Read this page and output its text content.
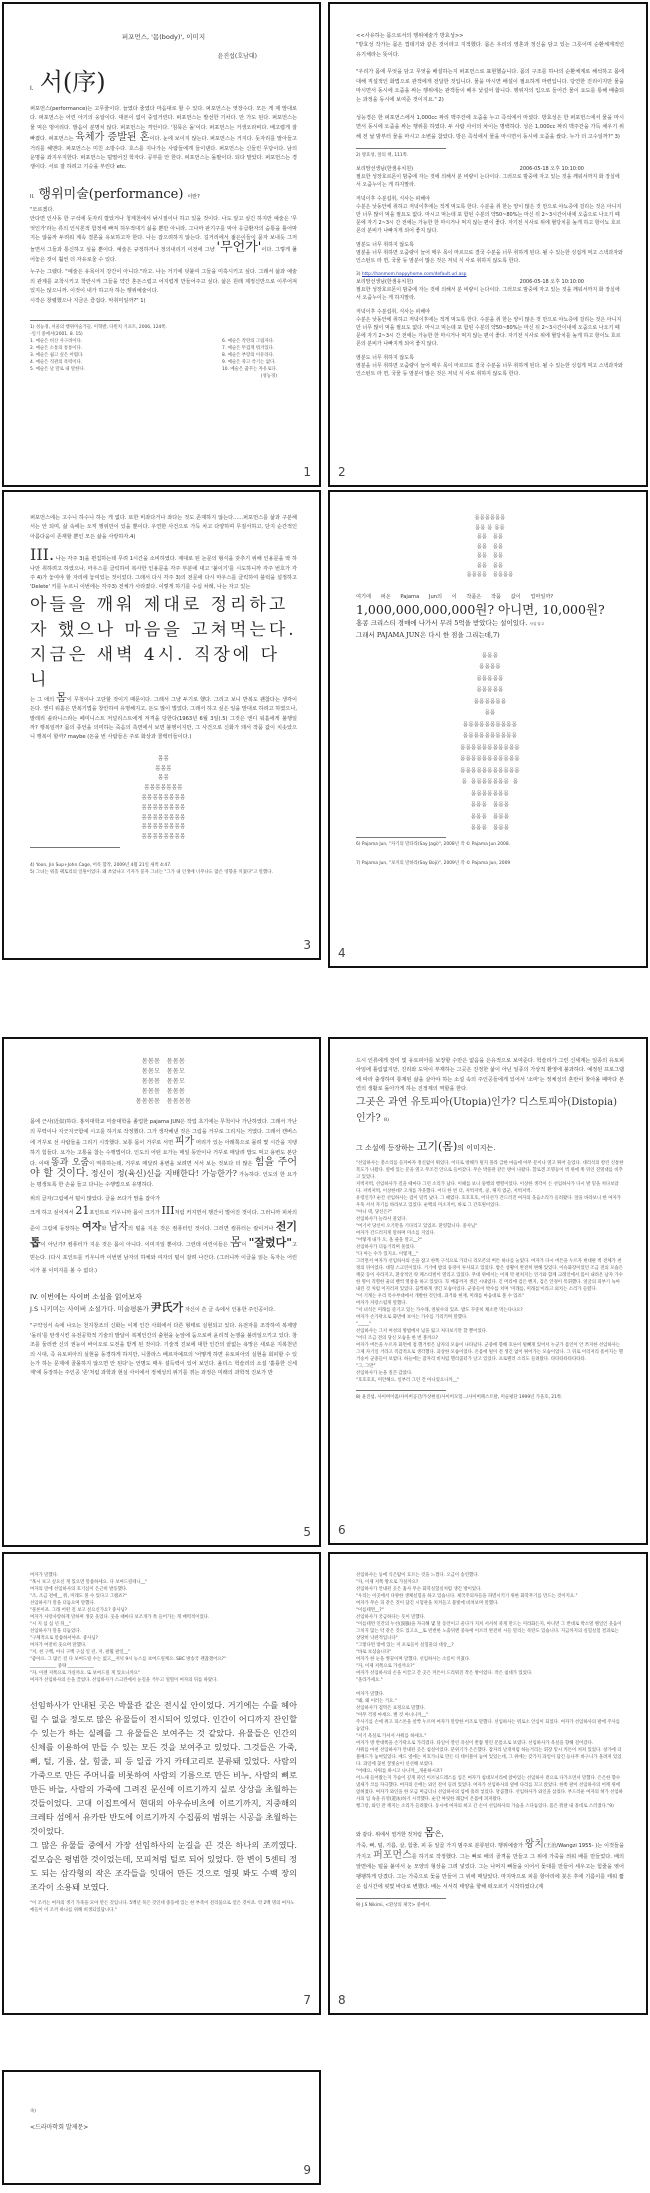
퍼포먼스, '몸(body)', 이미지
윤진섭(호남대)
I. 서(序)

퍼포먼스(performance)는 고무줄이다. 늘였다 줄였다 마음대로 할 수 있다. 퍼포먼스는 엿장수다. 모든 게 제 맘대로다. 퍼포먼스는 어린 아기의 옹알이다. 대본이 없이 중얼거린다. 퍼포먼스는 발선한 기차다. 안 가도 된다. 퍼포먼스는 물 먹은 벙어리다. 발음이 분명치 않다. 퍼포먼스는 격언이다. '침묵은 돌'이다. 퍼포먼스는 거생오라비다. 배고렵게 잘 빠졌다. 퍼포먼스는 육체가 증발된 혼이다. 눈에 보이지 않는다. 퍼포먼스는 거지다. 돗자리를 말아들고 거리를 헤맨다. 퍼포먼스는 미친 소방수다. 호스를 지나가는 사람들에게 들이댄다. 퍼포먼스는 신들린 무당이다. 남의 운명을 좌지우지한다. 퍼포먼스는 덜떨어진 학자다. 공부를 안 한다. 퍼포먼스는 돌팔이다. 되다 말았다. 퍼포먼스는 경쟁이다. 서로 잘 하려고 기승을 부린다 etc.

II. 행위미술(performance) 이란?

"모르겠다.

안다면 인사동 한 구석에 돗자리 깔았거나 청계천에서 낚시질이나 하고 있을 것이다. 나도 알고 싶긴 하지만 예술은 '무엇인가'라는 류의 인식론적 함정에 빠져 허우적대기 싫을 뿐만 아니라, 그나마 판기구를 막아 응급환자의 숨통을 틀어막지는 않을까 두려워 계속 결론을 유보하고자 한다. 나는 잡으려하지 않는다. 길거리에서 젊은이들이 묻자 보내듯 그저 놀면서 그들과 통신하고 싶을 뿐이다. 예술은 규정하거나 정의내리기 이전에 그냥 '무언가'이다. 그렇게 풀어놓은 것이 훨씬 더 자유로울 수 있다.

누구는 그랬다. "예술은 유목이지 강간이 아니다."라고. 나는 거기에 덧붙여 그들을 미혹시키고 싶다. 그래서 삶과 예술의 관계를 교착시키고 착란시켜 그들을 약간 혼돈스럽고 어지럽게 만들어주고 싶다. 삶은 원래 제정신만으로 이루어져 있지는 않으니까. 이것이 내가 하고자 하는 행위예술이다.

시작은 창렬했으나 지금은 즐겁다. 악취미일까?" 1)

1) 성능경, 서울의 행위미술가들, 이혁발, 다빈치 기프트, 2006, 124쪽.

-일기 중에서(2001. 8. 15)

1. 예술은 비산 사구려이다.

2. 예술은 소통의 통통이다.

3. 예술은 쉽고 싶은 어렵다.

4. 예술은 직관의 폭력이다.

5. 예술은 날 말로 내 말한다.

6. 예술은 작란의 그림자다.

7. 예술은 뚜겁게 뭐겨있다.

8. 예술은 부랑의 이유라다.

9. 예술은 죽고 삭기는 없다.

10. 예술은 꿈꾸는 자유로다.

(성능경)

1

<<사유하는 몸으로서의 행위예술가 방효성>>

"방효성 작가는 몸은 껍데기와 같은 것이라고 지적했다. 몸은 우리의 영혼과 정신을 담고 있는 그릇이며 순환체계적인 유기체라는 뜻이다.

"우리가 몸에 무엇을 담고 무엇을 배설하는지 퍼포먼스로 표현했습니다. 몸의 구조를 하나의 순환체계로 해석하고 몸에 대해 직설적인 화법으로 관객에게 전달한 것입니다. 물을 마시면 배설이 필요하게 마련입니다. 당연한 진리이지만 물을 마시면서 동시에 오줌을 싸는 행위에는 관객들이 배우 낯설어 합니다. 행위자의 입으로 들어간 물이 요도를 통해 배출되는 과정을 동시에 보여준 것이지요." 2)

성능경은 한 퍼포먼스에서 1,000cc 짜리 맥주잔에 오줌을 누고 즉석에서 마셨다. 방효성은 한 퍼포먼스에서 물을 마시면서 동시에 오줌을 싸는 행위를 하였다. 두 사람 사이의 차이는 명백하다. 성은 1,000cc 짜리 맥주잔을 가득 채우기 위해 전 날 밤부터 물을 마시고 소변을 참았다. 방은 즉석에서 물을 마시면서 동시에 오줌을 쌌다. 누가 더 고수일까?" 3)

2) 방효성, 앞의 책, 111쪽.

보리맘선생님(한샘유치원)	2006-05-18 오후 10:10:00

필요한 성장호르몬이 밤중에 자는 것에 의해서 분 비량이 는다이다. 그러므로 밤중에 자고 있는 것을 깨워서까지 화 장실에서 오줌누이는 게 하지말라.

저녁이후 수분섭취, 식사는 피해야

수분은 낮동안에 취하고 저녁이후에는 적게 먹도록 한다. 수분을 취 한는 양이 많은 것 만으로 야뇨증에 걸리는 것은 아니지만 너무 많이 먹을 필요도 없다. 마시고 먹는데 포 함된 수분의 약50~80%는 마신 뒤 2~3시간이내에 오줌으로 나오기 때문에 자기 2~3시 간 전에는 가능한 한 마시거나 먹지 않는 편이 좋다. 자기전 식사로 위에 혈당치를 높게 하고 항이뇨 호르몬의 분비가 나빠지게 되어 좋지 않다.

염분도 너무 취하지 않도록

염분을 너무 취하면 오줌량이 늘어 매우 목이 마르므로 결국 수분을 너무 취하게 된다. 될 수 있는한 싱겁게 먹고 스낵과자와 인스턴트 라 면, 국물 등 염분이 많은 것은 저녁 식 사로 취하지 않도록 한다.

3) http://hanmom.happyhome.com/default.url.asp

보리맘선생님(한샘유치원)	2006-05-18 오후 10:10:00

필요한 성장호르몬이 밤중에 자는 것에 의해서 분 비량이 는다이다. 그러므로 밤중에 자고 있는 것을 깨워서까지 화 장실에서 오줌누이는 게 하지말라.

저녁이후 수분섭취, 식사는 피해야

수분은 낮동안에 취하고 저녁이후에는 적게 먹도록 한다. 수분을 취 한는 양이 많은 것 만으로 야뇨증에 걸리는 것은 아니지만 너무 많이 먹을 필요도 없다. 마시고 먹는데 포 함된 수분의 약50~80%는 마신 뒤 2~3시간이내에 오줌으로 나오기 때문에 자기 2~3시 간 전에는 가능한 한 마시거나 먹지 않는 편이 좋다. 자기전 식사로 위에 혈당치를 높게 하고 항이뇨 호르몬의 분비가 나빠지게 되어 좋지 않다.

염분도 너무 취하지 않도록

염분을 너무 취하면 오줌량이 늘어 매우 목이 마르므로 결국 수분을 너무 취하게 된다. 될 수 있는한 싱겁게 먹고 스낵과자와 인스턴트 라 면, 국물 등 염분이 많은 것은 저녁 식 사로 취하지 않도록 한다.

2

퍼포먼스에는 고수니 하수니 하는 게 없다. 또한 비좌다거나 좌다는 것도 존재하지 않는다......퍼포먼스를 삶과 구분해서는 안 되며, 삶 속에는 오직 행위만이 있을 뿐이다. 우연한 사건으로 가득 차고 다양하며 무질서하고, 단지 순간적인 아름다움이 존재할 뿐인 모든 삶을 사랑하자.4)

III. 나는 각주 3)을 편집하는데 무려 1시간을 소비하였다. 제대로 된 논문의 형식을 갖추기 위해 인용문을 딱 하나만 취하려고 하였으나, 마우스를 클릭하여 복사한 인용문을 각주 부분에 대고 '붙이기'를 시도하니까 각주 번호가 각주 4)가 놓여야 할 자리에 놓여있는 것이었다. 그래서 다시 각주 3)의 전문에 다시 마우스를 클릭하여 블럭을 설정하고 'Delete' 키를 누르니 이번에는 각주3) 전체가 사라졌다. 이렇게 하기를 수십 차례, 나는 자고 있는

아들을 깨워 제대로 정리하고자 했으나 마음을 고쳐먹는다. 지금은 새벽 4시. 직장에 다니

는 그 애의 몸이 무척이나 고단할 것이기 때문이다. 그래서 그냥 두기로 했다. 그리고 보니 반복도 괜찮다는 생각이 든다. 앤디 워홀은 반복기법을 창안하여 유명해지고, 돈도 많이 벌었다. 그래서 하고 싶은 일을 맘대로 하려고 하였으나, 발레리 솔라니스라는 페미니스트 저널리스트에게 저격을 당한다(1963년 6월 3일).5) 그것은 앤디 워홀에게 불행일까? 행복일까? 몸의 종언을 의미하는 죽음의 측면에서 보면 불행이지만, 그 사건으로 신화가 돼서 작품 값이 치솟았으니 행복이 할까? maybe (돈을 번 사람들은 주로 화상과 콜렉터들이다.)

몸몸
몸몸몸
몸몸
몸몸몸몸몸몸몸
몸몸몸몸몸몸몸몸
몸몸몸몸몸몸몸몸
몸몸몸몸몸몸몸몸
몸몸몸몸몸몸몸몸
몸몸몸몸몸몸몸몸

4) Yoon, Jin Sup+John Cage, 어록 합작, 2009년 4월 21일 새벽 4:47.

5) 그녀는 워홀 팩토리의 일원이었다. 왜 쏘았냐고 기자가 묻자 그녀는 "그가 내 인생에 너무나도 많은 영향을 끼쳤다"고 말했다.

3
몸몸몸몸몸몸
몸몸 몸 몸몸
몸몸   몸몸
몸몸   몸몸
몸몸   몸몸
몸몸   몸몸
몸몸몸몸   몸몸몸몸

여기에 퍼온 Pajama Jun의 이 작품은 작품 값이 얼마일까?

1,000,000,000,000원? 아니면, 10,000원?

홍콩 크리스티 경매에 나가서 무려 5억을 받았다는 설이있다. 사실 알고

그래서 PAJAMA JUN은 다시 한 점을 그리는데,7)

몸몸몸
몸몸몸몸
몸몸몸몸몸
몸몸몸몸몸
몸몸몸몸몸몸
몸몸
몸몸몸몸몸몸몸몸몸몸
몸몸몸몸몸몸몸몸몸몸
몸몸몸몸몸몸몸몸몸몸몸
몸몸몸몸몸몸몸몸몸몸몸
몸몸몸몸몸몸몸몸몸몸몸
몸  몸몸몸몸몸몸몸  몸
몸몸몸몸몸몸몸
몸몸몸   몸몸몸
몸몸몸   몸몸몸
몸몸몸   몸몸몸

6) Pajama Jun, "자기의 말타라(Say Jagi)", 2008년 작 © Pajama Jun 2008.

7) Pajama Jun, "보지의 말하라(Say Boji)", 2009년 작 © Pajama Jun, 2009

4
몸몸몸   몸몸몸
몸몸모   몸몸모
몸몸몸   몸몸모
몸몸몸   몸몸몸
몸몸몸몸   몸몸몸몸

몸에 근사(近似)하다. 홍익대학교 미술대학을 졸업한 pajama JUN은 작업 초기에는 무척이나 가난하였다. 그래서 가난의 무력이나 지긋지긋함에 시고를 하기로 작정했다. 그가 생각해낸 것은 그림을 거꾸로 그리지는 거였다. 그래서 캔버스에 거꾸로 선 사람들을 그리기 시작했다. 보통 몸이 거꾸로 서면 피가 머리가 있는 아래쪽으로 몰려 몇 시간을 지탱하기 힘들다. 요가는 고통을 참는 수행법이다. 인도의 어떤 요가는 매일 동안이나 거꾸로 매달려 밥도 먹고 용변도 본단다. 이때 똥과 오줌이 역류하는데, 거꾸로 매달려 용변을 보려면 서서 보는 것보다 더 많은 힘을 주어야 할 것이다. 정신이 정(육신)신을 지배한다! 가능한가? 가능하다. 인도의 한 요가는 평생토록 한 손을 들고 다니는 수행법으로 유명하다.

위의 글자/그림에서 털이 많았다. 글을 쓰다가 맘을 잡아가

크게 하고 싶어져서 21포인트로 키우니까 몸이 크기가 III처럼 커지면서 행간이 벌어진 것이다. 그러니까 피차의 준이 그림에 등장하는 여자와 남자의 털을 지운 것은 컴퓨터인 것이다. 그러면 컴퓨터는 칼이거나 전기톱이 아닌가? 컴퓨터가 지운 것은 몸이 아니다. 이미지일 뿐이다. 그런데 어린이들은 몸이 "잘렸다"고 믿는다. (다시 포인트를 키우니까 이번엔 남자의 하체와 여자의 털이 잘려 나간다. (그러니까 이글을 읽는 독자는 어린이가 볼 이미지를 볼 수 없다.)

IV. 이번에는 사이버 소설을 읽어보자

J.S 니키미는 사이버 소설가다. 미술평론가 尹氏가 자신이 쓴 글 속에서 인용한 주인공이다.

"구약성서 속에 나오는 천지창조의 신화는 이제 인간 사회에서 다른 형태로 실현되고 있다. 유전자를 조작하여 복제양 '돌리'를 탄생시킨 유전공학적 기술의 발달이 복제인간의 출현을 눈앞에 둠으로써 윤리적 논쟁을 불러일으키고 있다. 창조를 둘러싼 신의 권능이 바이오로 도전을 받게 된 것이다. 기술적 진보에 대한 인간의 끝없는 욕망은 새로운 지복천년의 시대, 즉 유토피아의 실현을 동경하게 하지만, 니콜라스 베르자예프의 '어떻게 하면 유토피아의 실현을 회피할 수 있는가 하는 문제에 골몰하지 않으면 안 된다'는 언명도 매우 설득력이 있어 보인다. 올더스 헉슬리의 소설 '훌륭한 신세계'에 등장하는 주인공 '존'처럼 과학과 현실 사이에서 정체성의 위기를 겪는 과정은 미래의 과학적 진보가 반

5

드시 인류에게 장미 빛 유토피아를 보장할 수만은 없음을 은유적으로 보여준다. 헉슬리가 그린 신세계는 일종의 유토피아임에 틀림없지만, 진리와 도덕이 부재하는 그곳은 진정한 삶이 아닌 일종의 가상적 환영에 불과하다. 예정된 프로그램에 따라 출생하여 통제된 삶을 살아야 하는 소설 속의 주인공들에게 있어서 '소마'는 정체성의 혼란이 찾아올 때마다 본연의 생활로 돌아가게 하는 진정제의 역할을 한다.

그곳은 과연 유토피아(Utopia)인가? 디스토피아(Distopia)인가? 8)

그 소설에 등장하는 고기(몸)의 이미지는.

"선임하사는 총소리를 들자마자 정신없이 뛰었다. 어디로 방해가 털지 몰라 급한 마음에 아무 문이나 열고 뛰어 들었다. 대리석의 칼린 신통한 복도가 나왔다. 옆에 있는 문을 열고 무조건 안으로 들어갔다. 무슨 박물관 같은 방이 나왔다. 할로겐 조명등이 벽 위에 쭉 뒤인 진열대를 비추고 있었다.

저벅저벅, 선임하사가 걸을 때마다 그런 소리가 났다. 이때를 보니 풍행의 행렬이었다. 이상한 생각이 든 선임하사가 다시 발 밑을 쳐다보았다. 저벅저벅, 이상한데? 고개를 갸웃했다. 어디 한 번 더, 저벅저벅, 쿵, 뛰지 였군, 저벅저벅.

유령인가? 순간 선임하사는 겁이 덜컥 났다. 그 때였다. 호호호호, 어디선가 간드러진 여자의 웃음소리가 들려왔다. 앞을 바라보니 한 여자가 우뚝 서서 자기를 바라보고 있었다. 순백의 미소지어, 바로 그 간호원이었다.

"아니 댁, 당신은?"

선임하사가 놀라서 물었다.

"여기서 당신이 오기만을 기다리고 있었죠. 환영합니다. 중사님"

여자가 간드러지게 말하며 미소를 지었다.

"어떻게 내가 오, 올 줄을 알고__?"

선임하사가 더듬거리며 물었다.

"다 아는 수가 있지요. 이렇게__"

그러면서 여자가 선임하사의 손을 잡고 한쪽 구석으로 가더니 리모콘의 버튼 하나를 눌렀다. 여자가 다시 버튼을 누르자 현대판 벽 전체가 천정의 뒤이었다. 대형 스크린이었다. 거기에 밤의 풍경이 투사되고 있었다. 밤은 상황이 완전히 변해 있었다. 이슈화장이었던 조금 전의 모습은 깨끗 동이 사라지고, 환상적인 락 페스티벌이 열리고 있었다. 무대 위에서는 이제 막 펼쳐지는 연기와 함께 크레인에서 몸이 내려온 남자 가수 한 명이 격렬한 율의 밴씩 열창을 하고 있었다. 꼭 배꼽까지 생긴 시내였다. 긴 머리에 검은 벤지, 검은 안경이 특휘했다. 얼굴의 피부기 녹아내린 것 처럼 이지러져 있었다. 끔찍하게 생긴 모습이었다. 군중들이 박수를 치며 '미래를, 미래를'이라고 외치는 소리가 들렸다.

"이 기계는 우리 특수부대에서 개발한 것인데, 과거와 현재, 미래를 마음대로 볼 수 있죠"

여자가 자랑스럽게 말했다.

"저 녀석은 미래를 즐기고 있는 가수래, 얼핏수의 있죠. 밥도 꾸준히 채소만 먹는다나요?

여자가 손가락으로 화면에 보이는 가수를 가리키며 말했다.

"_____"

선임하사는 그저 여성의 방법에서 넋을 잃고 처다보기만 할 뿐이었다.

"어디 조금 전의 당신 모습을 한 번 볼까요?

여자가 버튼을 누르자 화면에 점 헬거벗은 남자의 모습이 나타났다. 군중에 향해 호른이 털빼게 있어서 누군가 몸인이 안 쯔지한 선임하사는 그제 자기일 거라고 직감적으로 생각했다. 괴상한 모습이었다. 온몸에 털이 전 생긴 없이 튀어가는 모습이었다. 그 뒤로 이리저리 흩어지는 헬거숭이 군중들이 보였다. 하늘에는 잠자리 비처럼 헬리콥터가 날고 있었다. 프로펠러 소리도 들려왔다. 타타타타타타타타.

"그, 그만"

선임하사가 눈을 질끈 감았다.

"호호호호, 미안해요. 일부러 그런 건 아니었으니까__"

8) 윤진섭, 사이버이즘/사이버공간/가상현실/사이버모험.../사이버페스트탈, 미술평단 1999년 가을호, 21쪽.

6

여자가 말했다.

"혹시 보고 싶으신 게 있으면 말씀하세요. 다 보여드릴테니__"

여자의 말에 선임하사의 호기심이 은근히 발동했다.

"조, 조금 전에__ 뭐, 미래도 볼 수 있다고 그랬죠?"

선임하사가 말을 더듬으며 말했다.

"물론이죠. 그래 어떤 걸 보고 싶으신가요? 중사님?

여자가 사랑사랑하게 말하며 생끗 웃었다. 웃을 때마다 보조개가 쏙 들어가는 게 매력적이었다.

"시 지 십 십 년 뒤__"

선임하사가 말을 더듬었다.

"구체적으로 말씀하셔야죠. 중사님?

여자가 여전히 웃으며 말했다.

"저, 천 구백, 아니 구백 구십 일 년, 저, 팔월 팔일__"

"좋아요. 그 많은 걸 다 보여드릴 수는 없고__저녁 9시 뉴스를 보여드릴께요. SBC 방송국 괜찮겠어요?"

____________ 중략 ____________

"자, 이젠 저쪽으로 가실까요. 또 보여드릴 게 있으니까요"

여자가 선임하사의 손을 끌었다. 선임하사가 스크린에서 눈길을 거두고 얼떨이 여자의 뒤를 따랐다.

선임하사가 안내된 곳은 박물관 같은 전시실 안이었다. 거기에는 수를 헤아릴 수 없을 정도로 많은 유물들이 전시되어 있었다. 인간이 어디까지 잔인할 수 있는가 하는 실례를 그 유물들은 보여주는 것 같았다. 유물들은 인간의 신체를 이용하여 만들 수 있는 모든 것을 보여주고 있었다. 그것들은 가죽, 뼈, 털, 기름, 살, 힘줄, 피 등 일곱 가지 카테고리로 분류돼 있었다. 사람의 가죽으로 만든 주머니를 비롯하여 사람의 기름으로 만든 비누, 사람의 뼈로 만든 바늘, 사람의 가죽에 그려진 문신에 이르기까지 실로 상상을 초월하는 것들이었다. 고대 이집트에서 현대의 아우슈비츠에 이르기까지, 지중해의 크레타 섬에서 유카탄 반도에 이르기까지 수집품의 범위는 시공을 초월하는 것이었다.

그 많은 유물들 중에서 가장 선임하사의 눈길을 끈 것은 하나의 조끼였다. 겉모습은 평범한 것이었는데, 모피처럼 털로 되어 있었다. 한 변이 5센티 정도 되는 삼각형의 작은 조각들을 잇대어 만든 것으로 얼핏 봐도 수백 장의 조각이 소용돼 보였다.

"이 조끼는 여자의 생기 가죽을 모아 만든 것입니다. 5백년 묵은 것인데 중동에 있는 한 부족이 전리품으로 얻은 것이죠. 약 2백 명의 여자노예들이 이 조끼 하나를 위해 희생되었답니다."

7

선임하사는 등에 식은땀이 흐르는 것을 느꼈다. 오금이 송연했다.

"자, 이제 저쪽 방으로 가실까요?

선임하사가 안내된 곳은 흡사 무슨 화학실험실처럼 생긴 방이었다.

"우리는 이곳에서 다양한 생체실험을 하고 있습니다. 제국주의자들을 파멸시키기 위한 화학무기를 만드는 것이지요."

여자가 무슨 피 같은 것이 담긴 시험관을 치켜들고 불빛에 비쳐보며 말했다.

"이를테면__?"

선임하사가 궁금하다는 듯이 말했다.

"이를테면 인간의 누선(淚腺)을 자극해 몇 달 동안이고 울다가 지쳐 서서히 죽게 만드는 미라화든지, 아니면 그 반대로 박소열 웬일인 웃음이 그치지 않는 약 같은 것도 있고요__또 빈번한 노출뒤엔 중독에 이르러 완전히 시들 말리는 폭탄도 있습니다. 지금까지의 실험실험 결과로는 상당히 낙관적입니다"

"그렇다면 밖에 있는 저 포로들이 실험물의 대상__?

"바로 보셨습니다"

여자가 한 눈을 찡끗이며 말했다. 선임하사는 소름이 끼쳤다.

"자, 이제 저쪽으로 가실까요?"

여자가 선임하사의 손을 이끌고 간 곳은 커튼이 드리워진 작은 방이었다. 작은 침대가 있었다.

"올라가세요."

여자가 말했다.

"왜, 왜 이러는 거요."

선임하사가 겁먹은 표정으로 말했다.

"아무 걱정 마세요. 별 것 아니니까__"

주사기를 손에 쥐고 피스톤을 살짝 누르며 여자가 말랑한 어조로 말했다. 선임하사는 뭐로소 안심이 되었다. 여자가 선임하사의 팔에 주사를 놓았다.

"저기 욕실로 가셔서 샤워를 하세요."

여자가 방 반대쪽을 손가락으로 가리켰다. 타일이 깔린 욕실이 반쯤 열린 문틈으로 보였다. 선임하사가 욕실을 향해 걸어갔다.

샤워를 마친 선임하사가 안내된 곳은 침실이었다. 분위기가 은은했다. 잠자리 날개처럼 하늘거리는 휘장 밑시 커튼이 쳐져 있었다. 창가에 더블베드가 놓여있었다. 베드 옆에는 미호가니로 만든 티 테이블이 놓여 있었는데, 그 위에는 갖가지 과일이 담긴 등나무 바구니가 올려져 있었다. 과일에 꽂힌 꿀빛술이 신선해 보였다.

"어때요, 샤워를 하시고 나니까__개운하시죠?

어느새 들어왔는지 가슴이 깊게 파인 이브닝드레스를 입은 여자가 침대모서리에 앉아있는 선임하사 곁으로 다가오면서 말했다. 은은한 향수 냄새가 코를 자극했다. 여자의 손에는 와인 잔이 들려 있었다. 여자가 선임하사의 옆에 다리를 꼬고 앉았다. 한쪽 팔이 선임하사의 어깨 위에 얹혀졌다. 여자가 와인을 한 모금 머금더니 선임하사의 입에 흘려 넣었다. 달콤했다. 선임하사가 와인을 삼켰다. 부드러운 여자의 혀가 선임하사의 입 속을 유영(遊泳)하기 시작했다. 순간 짜릿한 쾌감이 온몸에 퍼져왔다.

뻥그랑, 와인 잔 깨지는 소리가 들려왔다. 동시에 여자의 희고 긴 손이 선임하사의 가슴을 스다듬었다. 몸은 뭐랄 내 흩데로 스러졌다."9)

와 같다. 위에서 열거한 것처럼 몸은,

가죽, 뼈, 털, 기름, 살, 힘줄, 피 등 일곱 가지 범주로 분류된다. 행위예술가 왕치(王治/Wangzi 1955- )는 이것들을 가지고 퍼포먼스를 하기로 작정했다. 그는 뼈로 배의 골격을 만들고 그 위에 가죽을 씌워 배를 만들었다. 배의 앞면에는 털을 붙여서 눈 모양의 형상을 그려 넣었다. 그는 나머지 뼈들을 이어서 돛대를 만들어 세우고는 힘줄을 엮어 팽팽하게 당겼다. 그는 가죽으로 돛을 만들어 그 위에 매달았다. 마지막으로 피를 항아리에 붓은 후에 기름이를 태워 짧은 십시간에 핏빛 바다로 변했다. 배는 서서히 태양을 향해 떠오르기 시작하였다.(계

9) J.S Nikimi, <환상의 제국> 중에서.

8

속)

<드라마학회 발제문>

9
